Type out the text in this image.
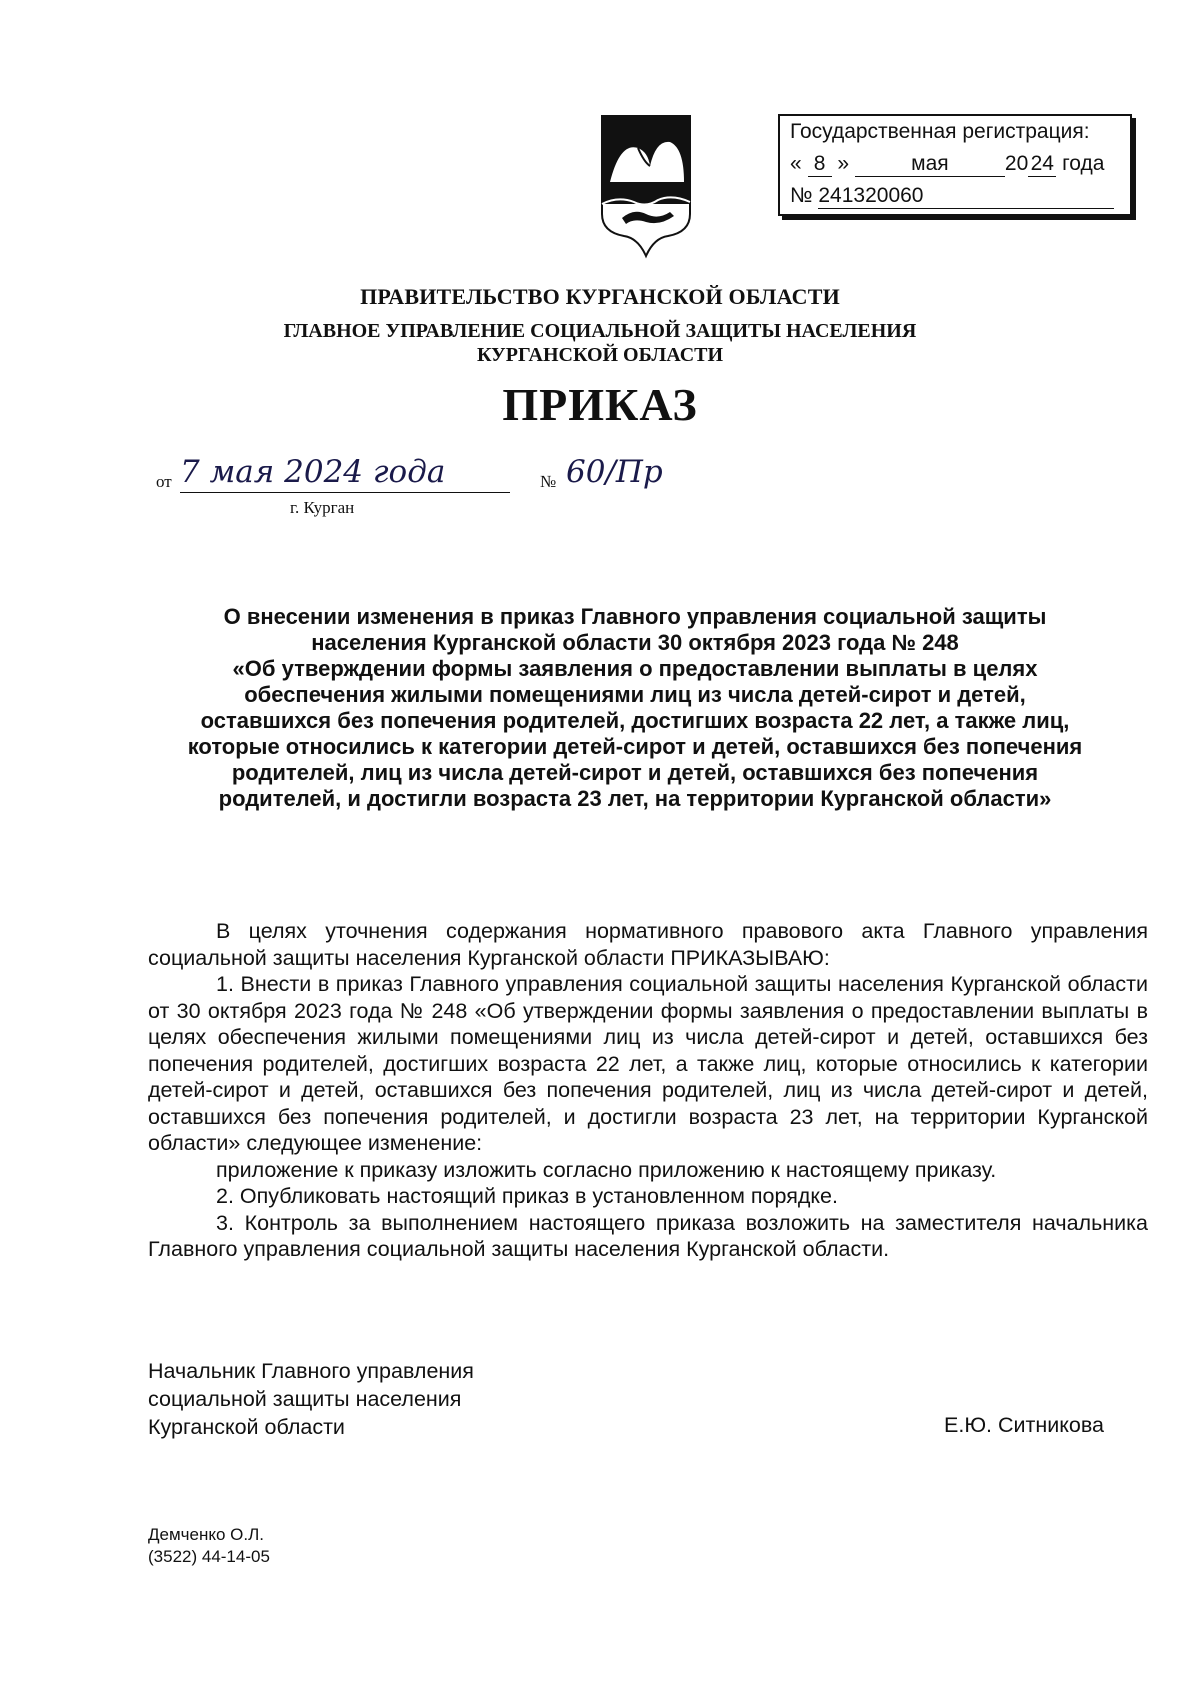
Государственная регистрация:
« 8 »	мая	20 24 года
№ 241320060
ПРАВИТЕЛЬСТВО КУРГАНСКОЙ ОБЛАСТИ
ГЛАВНОЕ УПРАВЛЕНИЕ СОЦИАЛЬНОЙ ЗАЩИТЫ НАСЕЛЕНИЯ
КУРГАНСКОЙ ОБЛАСТИ
ПРИКАЗ
от 7 мая 2024 года	№ 60/Пр
г. Курган
О внесении изменения в приказ Главного управления социальной защиты
населения Курганской области 30 октября 2023 года № 248
«Об утверждении формы заявления о предоставлении выплаты в целях
обеспечения жилыми помещениями лиц из числа детей-сирот и детей,
оставшихся без попечения родителей, достигших возраста 22 лет, а также лиц,
которые относились к категории детей-сирот и детей, оставшихся без попечения
родителей, лиц из числа детей-сирот и детей, оставшихся без попечения
родителей, и достигли возраста 23 лет, на территории Курганской области»

В целях уточнения содержания нормативного правового акта Главного управления социальной защиты населения Курганской области ПРИКАЗЫВАЮ:

1. Внести в приказ Главного управления социальной защиты населения Курганской области от 30 октября 2023 года № 248 «Об утверждении формы заявления о предоставлении выплаты в целях обеспечения жилыми помещениями лиц из числа детей-сирот и детей, оставшихся без попечения родителей, достигших возраста 22 лет, а также лиц, которые относились к категории детей-сирот и детей, оставшихся без попечения родителей, лиц из числа детей-сирот и детей, оставшихся без попечения родителей, и достигли возраста 23 лет, на территории Курганской области» следующее изменение:

приложение к приказу изложить согласно приложению к настоящему приказу.

2. Опубликовать настоящий приказ в установленном порядке.

3. Контроль за выполнением настоящего приказа возложить на заместителя начальника Главного управления социальной защиты населения Курганской области.

Начальник Главного управления
социальной защиты населения
Курганской области	Е.Ю. Ситникова
Демченко О.Л.
(3522) 44-14-05
